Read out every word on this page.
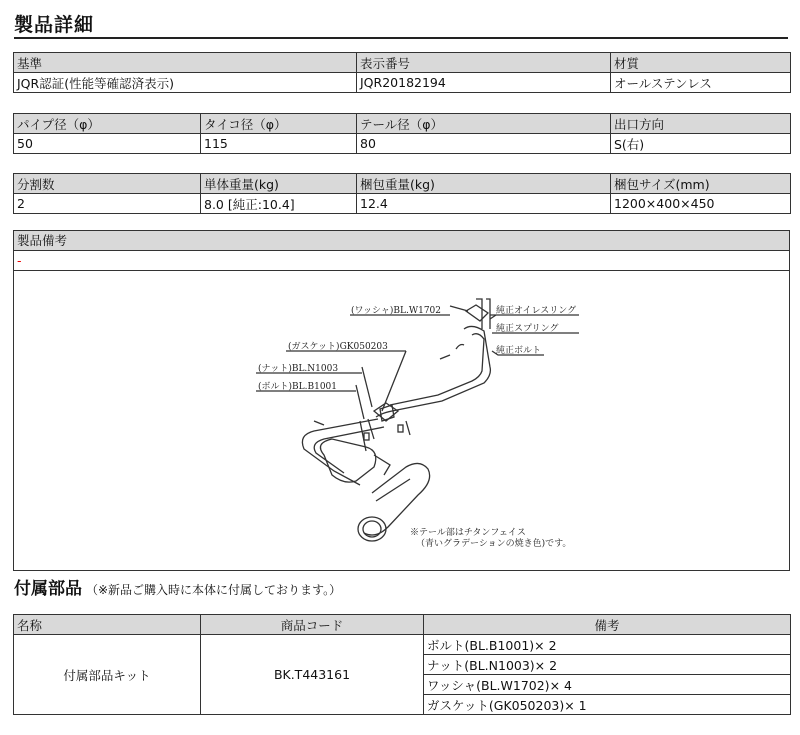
製品詳細
基準	表示番号	材質
JQR認証(性能等確認済表示)	JQR20182194	オールステンレス
パイプ径（φ）	タイコ径（φ）	テール径（φ）	出口方向
50	115	80	S(右)
分割数	単体重量(kg)	梱包重量(kg)	梱包サイズ(mm)
2	8.0 [純正:10.4]	12.4	1200×400×450
製品備考
-
(ワッシャ)BL.W1702	純正オイレスリング
純正スプリング
純正ボルト
(ガスケット)GK050203
(ナット)BL.N1003
(ボルト)BL.B1001
※テール部はチタンフェイス
（青いグラデーションの焼き色)です。
付属部品 （※新品ご購入時に本体に付属しております。）
名称	商品コード	備考
付属部品キット	BK.T443161	ボルト(BL.B1001)× 2
		ナット(BL.N1003)× 2
		ワッシャ(BL.W1702)× 4
		ガスケット(GK050203)× 1
